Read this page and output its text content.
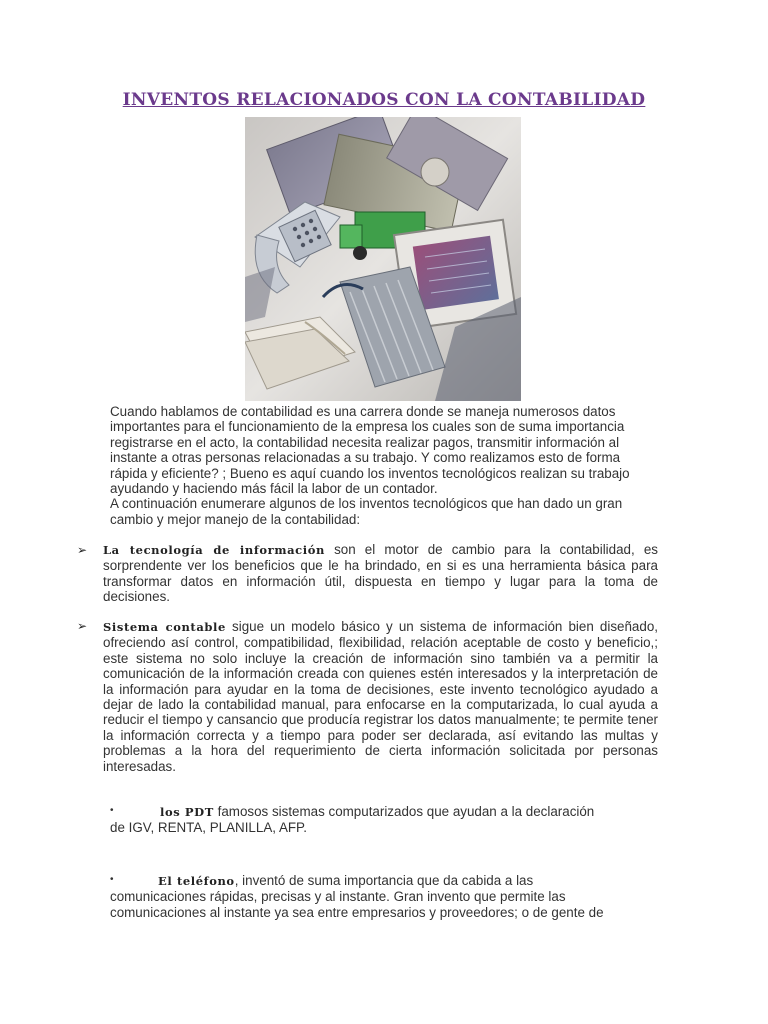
INVENTOS RELACIONADOS CON LA CONTABILIDAD
Cuando hablamos de contabilidad es una carrera donde se maneja numerosos datos importantes para el funcionamiento de la empresa los cuales son de suma importancia registrarse en el acto, la contabilidad necesita realizar pagos, transmitir información al instante a otras personas relacionadas a su trabajo. Y como realizamos esto de forma rápida y eficiente? ; Bueno es aquí cuando los inventos tecnológicos realizan su trabajo ayudando y haciendo más fácil la labor de un contador.
A continuación enumerare algunos de los inventos tecnológicos que han dado un gran cambio y mejor manejo de la contabilidad:
➢ La tecnología de información son el motor de cambio para la contabilidad, es sorprendente ver los beneficios que le ha brindado, en si es una herramienta básica para transformar datos en información útil, dispuesta en tiempo y lugar para la toma de decisiones.
➢ Sistema contable sigue un modelo básico y un sistema de información bien diseñado, ofreciendo así control, compatibilidad, flexibilidad, relación aceptable de costo y beneficio,; este sistema no solo incluye la creación de información sino también va a permitir la comunicación de la información creada con quienes estén interesados y la interpretación de la información para ayudar en la toma de decisiones, este invento tecnológico ayudado a dejar de lado la contabilidad manual, para enfocarse en la computarizada, lo cual ayuda a reducir el tiempo y cansancio que producía registrar los datos manualmente; te permite tener la información correcta y a tiempo para poder ser declarada, así evitando las multas y problemas a la hora del requerimiento de cierta información solicitada por personas interesadas.
•	los PDT famosos sistemas computarizados que ayudan a la declaración
de IGV, RENTA, PLANILLA, AFP.
•	El teléfono, inventó de suma importancia que da cabida a las
comunicaciones rápidas, precisas y al instante. Gran invento que permite las comunicaciones al instante ya sea entre empresarios y proveedores; o de gente de
